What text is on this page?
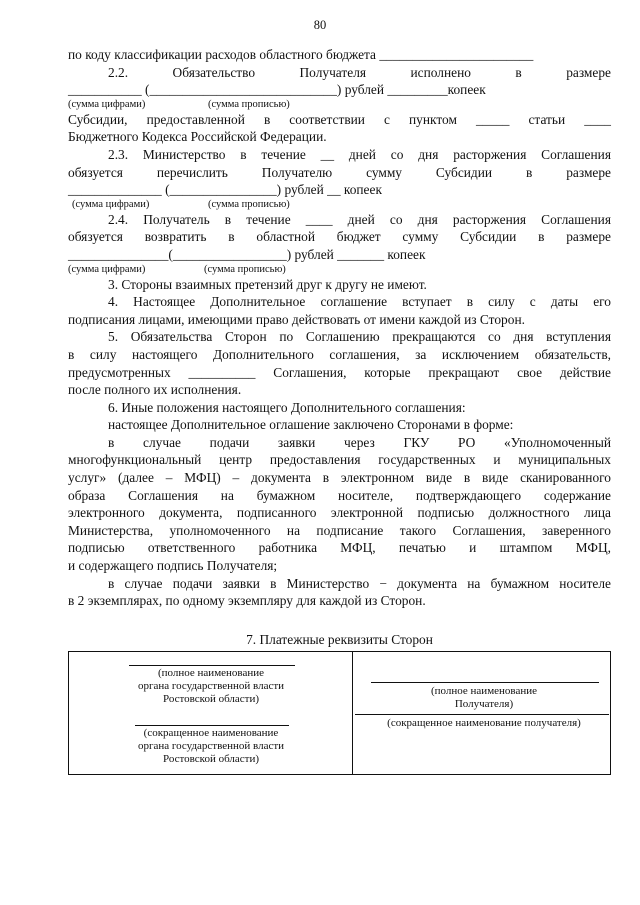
80

по коду классификации расходов областного бюджета _______________________

2.2. Обязательство Получателя исполнено в размере

___________ (____________________________) рублей _________копеек

(сумма цифрами)	(сумма прописью)

Субсидии, предоставленной в соответствии с пунктом _____ статьи ____

Бюджетного Кодекса Российской Федерации.

2.3. Министерство в течение __ дней со дня расторжения Соглашения

обязуется перечислить Получателю сумму Субсидии в размере

______________ (________________) рублей __ копеек

(сумма цифрами)	(сумма прописью)

2.4. Получатель в течение ____ дней со дня расторжения Соглашения

обязуется возвратить в областной бюджет сумму Субсидии в размере

_______________(_________________) рублей _______ копеек

(сумма цифрами)	(сумма прописью)

3. Стороны взаимных претензий друг к другу не имеют.

4. Настоящее Дополнительное соглашение вступает в силу с даты его

подписания лицами, имеющими право действовать от имени каждой из Сторон.

5. Обязательства Сторон по Соглашению прекращаются со дня вступления

в силу настоящего Дополнительного соглашения, за исключением обязательств,

предусмотренных __________ Соглашения, которые прекращают свое действие

после полного их исполнения.

6. Иные положения настоящего Дополнительного соглашения:

настоящее Дополнительное оглашение заключено Сторонами в форме:

в случае подачи заявки через ГКУ РО «Уполномоченный

многофункциональный центр предоставления государственных и муниципальных

услуг» (далее – МФЦ) – документа в электронном виде в виде сканированного

образа Соглашения на бумажном носителе, подтверждающего содержание

электронного документа, подписанного электронной подписью должностного лица

Министерства, уполномоченного на подписание такого Соглашения, заверенного

подписью ответственного работника МФЦ, печатью и штампом МФЦ,

и содержащего подпись Получателя;

в случае подачи заявки в Министерство − документа на бумажном носителе

в 2 экземплярах, по одному экземпляру для каждой из Сторон.

7. Платежные реквизиты Сторон
(полное наименование
органа государственной власти
Ростовской области)
(сокращенное наименование
органа государственной власти
Ростовской области)
(полное наименование
Получателя)
(сокращенное наименование получателя)
